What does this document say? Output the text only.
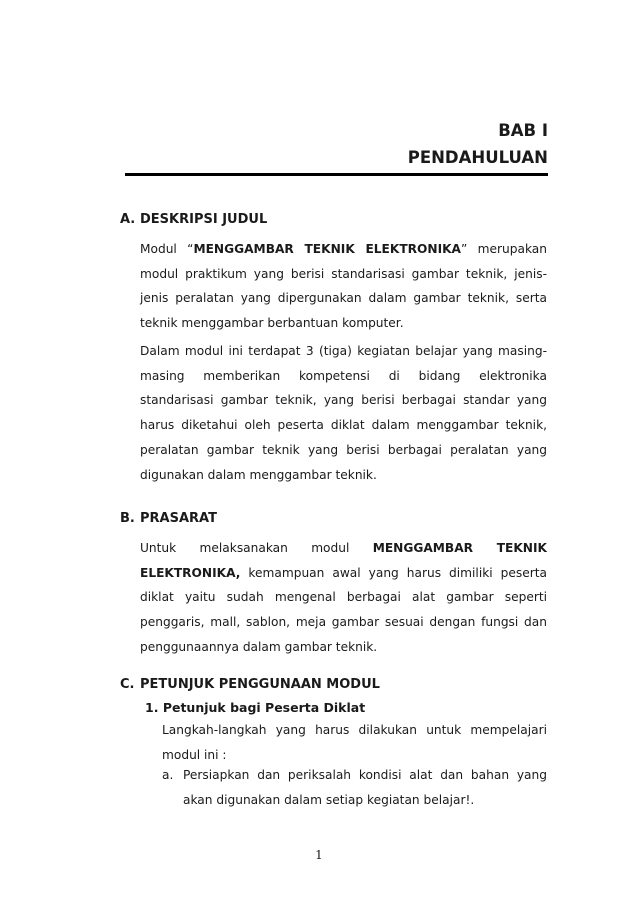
BAB I
PENDAHULUAN
A. DESKRIPSI JUDUL
Modul “MENGGAMBAR TEKNIK ELEKTRONIKA” merupakan modul praktikum yang berisi standarisasi gambar teknik, jenis-jenis peralatan yang dipergunakan dalam gambar teknik, serta teknik menggambar berbantuan komputer.
Dalam modul ini terdapat 3 (tiga) kegiatan belajar yang masing-masing memberikan kompetensi di bidang elektronika standarisasi gambar teknik, yang berisi berbagai standar yang harus diketahui oleh peserta diklat dalam menggambar teknik, peralatan gambar teknik yang berisi berbagai peralatan yang digunakan dalam menggambar teknik.
B. PRASARAT
Untuk melaksanakan modul MENGGAMBAR TEKNIK ELEKTRONIKA, kemampuan awal yang harus dimiliki peserta diklat yaitu sudah mengenal berbagai alat gambar seperti penggaris, mall, sablon, meja gambar sesuai dengan fungsi dan penggunaannya dalam gambar teknik.
C. PETUNJUK PENGGUNAAN MODUL
1. Petunjuk bagi Peserta Diklat
Langkah-langkah yang harus dilakukan untuk mempelajari modul ini :
a. Persiapkan dan periksalah kondisi alat dan bahan yang akan digunakan dalam setiap kegiatan belajar!.
1
